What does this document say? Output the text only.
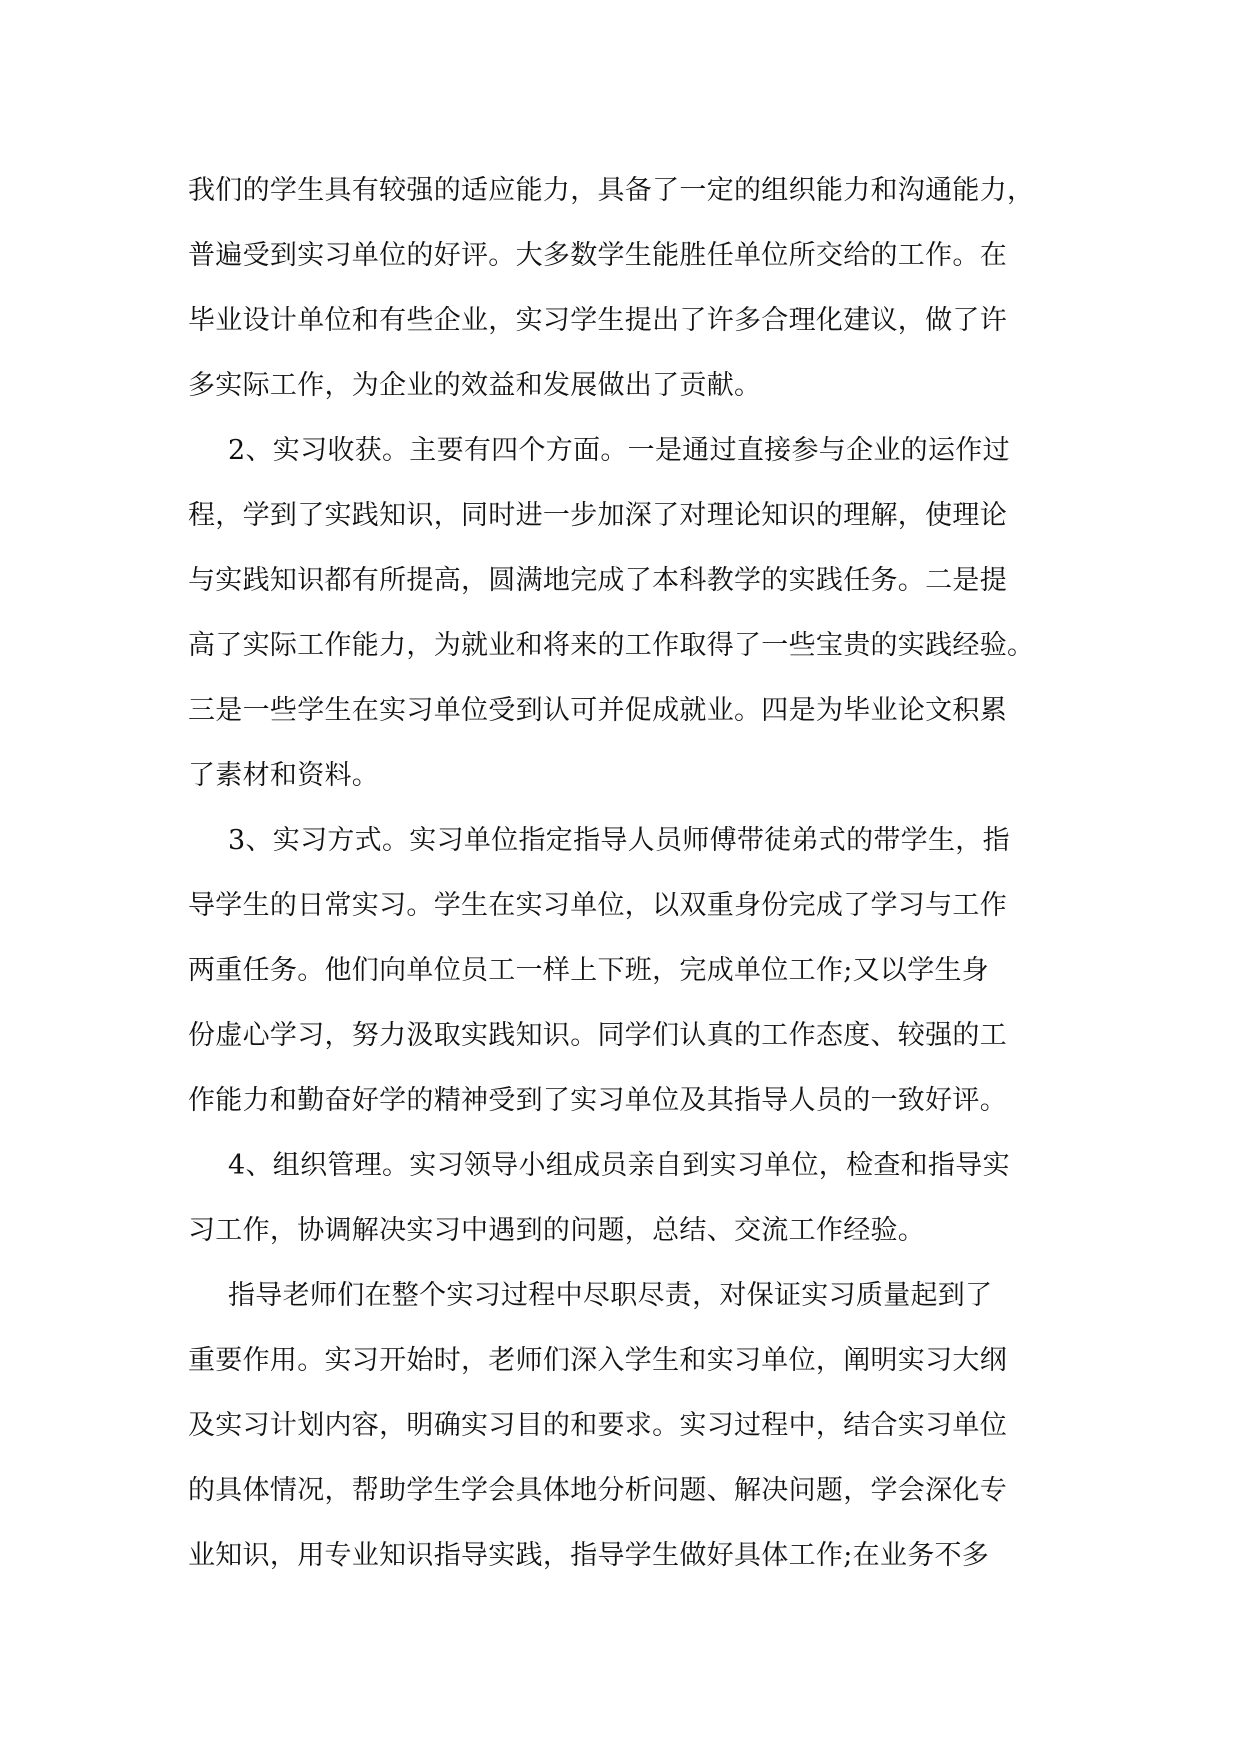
我们的学生具有较强的适应能力，具备了一定的组织能力和沟通能力，
普遍受到实习单位的好评。大多数学生能胜任单位所交给的工作。在
毕业设计单位和有些企业，实习学生提出了许多合理化建议，做了许
多实际工作，为企业的效益和发展做出了贡献。
2、实习收获。主要有四个方面。一是通过直接参与企业的运作过
程，学到了实践知识，同时进一步加深了对理论知识的理解，使理论
与实践知识都有所提高，圆满地完成了本科教学的实践任务。二是提
高了实际工作能力，为就业和将来的工作取得了一些宝贵的实践经验。
三是一些学生在实习单位受到认可并促成就业。四是为毕业论文积累
了素材和资料。
3、实习方式。实习单位指定指导人员师傅带徒弟式的带学生，指
导学生的日常实习。学生在实习单位，以双重身份完成了学习与工作
两重任务。他们向单位员工一样上下班，完成单位工作;又以学生身
份虚心学习，努力汲取实践知识。同学们认真的工作态度、较强的工
作能力和勤奋好学的精神受到了实习单位及其指导人员的一致好评。
4、组织管理。实习领导小组成员亲自到实习单位，检查和指导实
习工作，协调解决实习中遇到的问题，总结、交流工作经验。
指导老师们在整个实习过程中尽职尽责，对保证实习质量起到了
重要作用。实习开始时，老师们深入学生和实习单位，阐明实习大纲
及实习计划内容，明确实习目的和要求。实习过程中，结合实习单位
的具体情况，帮助学生学会具体地分析问题、解决问题，学会深化专
业知识，用专业知识指导实践，指导学生做好具体工作;在业务不多
